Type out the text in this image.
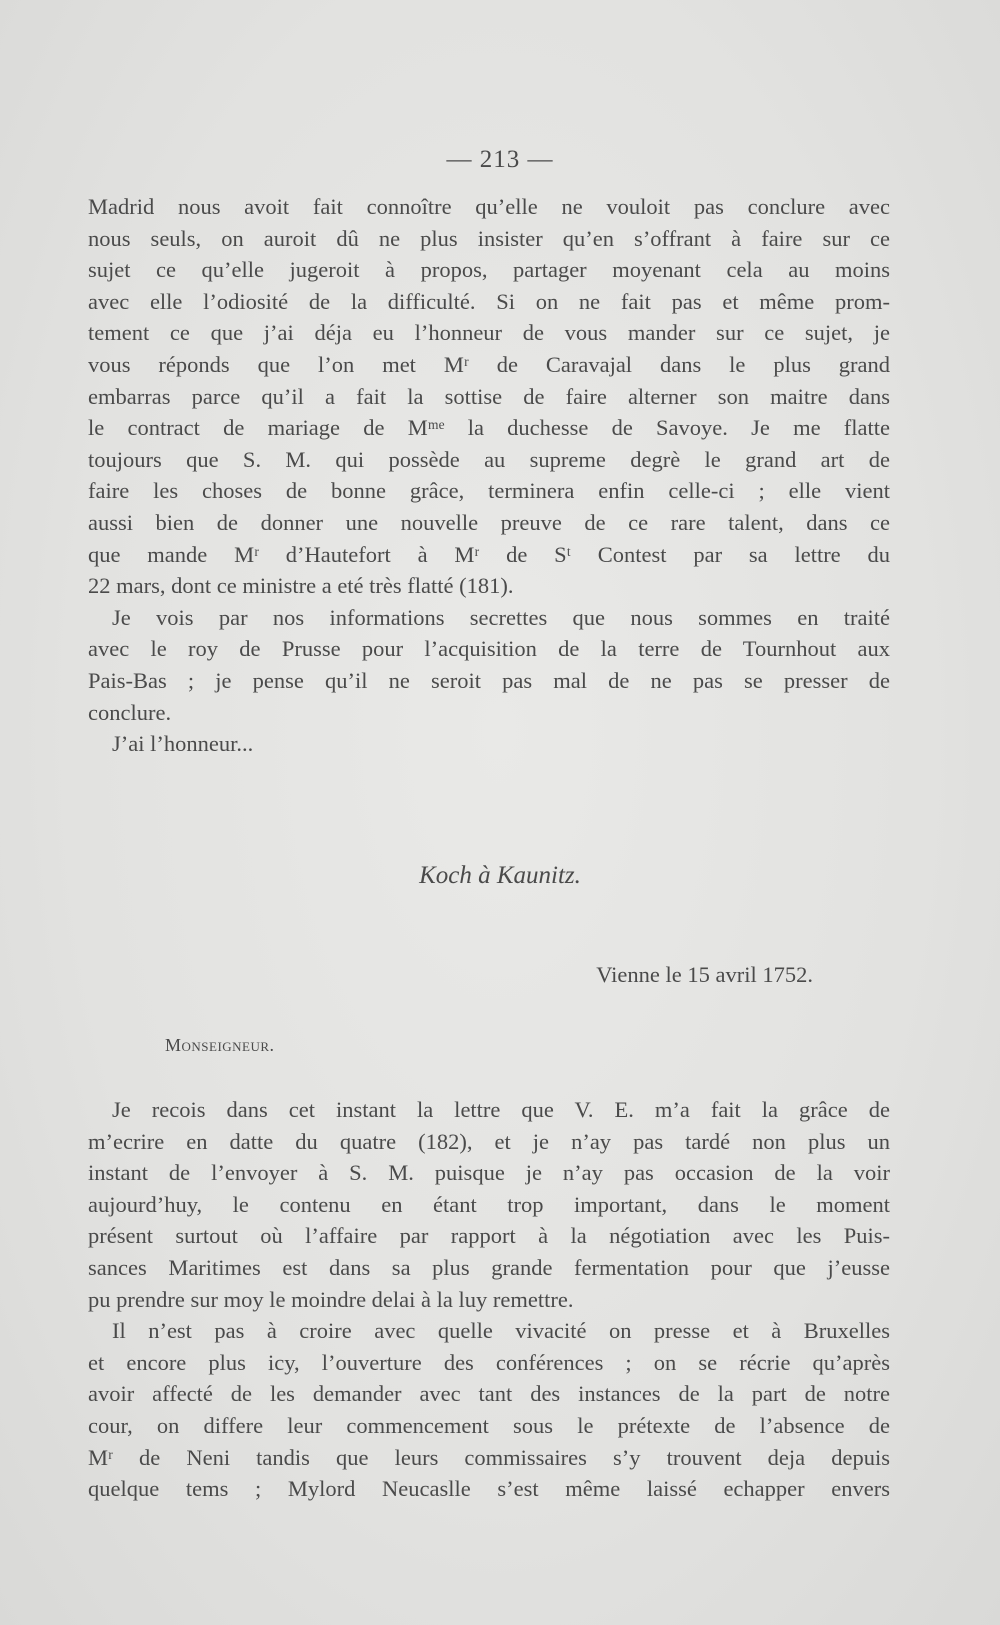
— 213 —
Madrid nous avoit fait connoître qu’elle ne vouloit pas conclure avec
nous seuls, on auroit dû ne plus insister qu’en s’offrant à faire sur ce
sujet ce qu’elle jugeroit à propos, partager moyenant cela au moins
avec elle l’odiosité de la difficulté. Si on ne fait pas et même prom-
tement ce que j’ai déja eu l’honneur de vous mander sur ce sujet, je
vous réponds que l’on met Mʳ de Caravajal dans le plus grand
embarras parce qu’il a fait la sottise de faire alterner son maitre dans
le contract de mariage de Mᵐᵉ la duchesse de Savoye. Je me flatte
toujours que S. M. qui possède au supreme degrè le grand art de
faire les choses de bonne grâce, terminera enfin celle-ci ; elle vient
aussi bien de donner une nouvelle preuve de ce rare talent, dans ce
que mande Mʳ d’Hautefort à Mʳ de Sᵗ Contest par sa lettre du
22 mars, dont ce ministre a eté très flatté (181).
Je vois par nos informations secrettes que nous sommes en traité
avec le roy de Prusse pour l’acquisition de la terre de Tournhout aux
Pais-Bas ; je pense qu’il ne seroit pas mal de ne pas se presser de
conclure.
J’ai l’honneur...
Koch à Kaunitz.
Vienne le 15 avril 1752.
Monseigneur.
Je recois dans cet instant la lettre que V. E. m’a fait la grâce de
m’ecrire en datte du quatre (182), et je n’ay pas tardé non plus un
instant de l’envoyer à S. M. puisque je n’ay pas occasion de la voir
aujourd’huy, le contenu en étant trop important, dans le moment
présent surtout où l’affaire par rapport à la négotiation avec les Puis-
sances Maritimes est dans sa plus grande fermentation pour que j’eusse
pu prendre sur moy le moindre delai à la luy remettre.
Il n’est pas à croire avec quelle vivacité on presse et à Bruxelles
et encore plus icy, l’ouverture des conférences ; on se récrie qu’après
avoir affecté de les demander avec tant des instances de la part de notre
cour, on differe leur commencement sous le prétexte de l’absence de
Mʳ de Neni tandis que leurs commissaires s’y trouvent deja depuis
quelque tems ; Mylord Neucaslle s’est même laissé echapper envers
